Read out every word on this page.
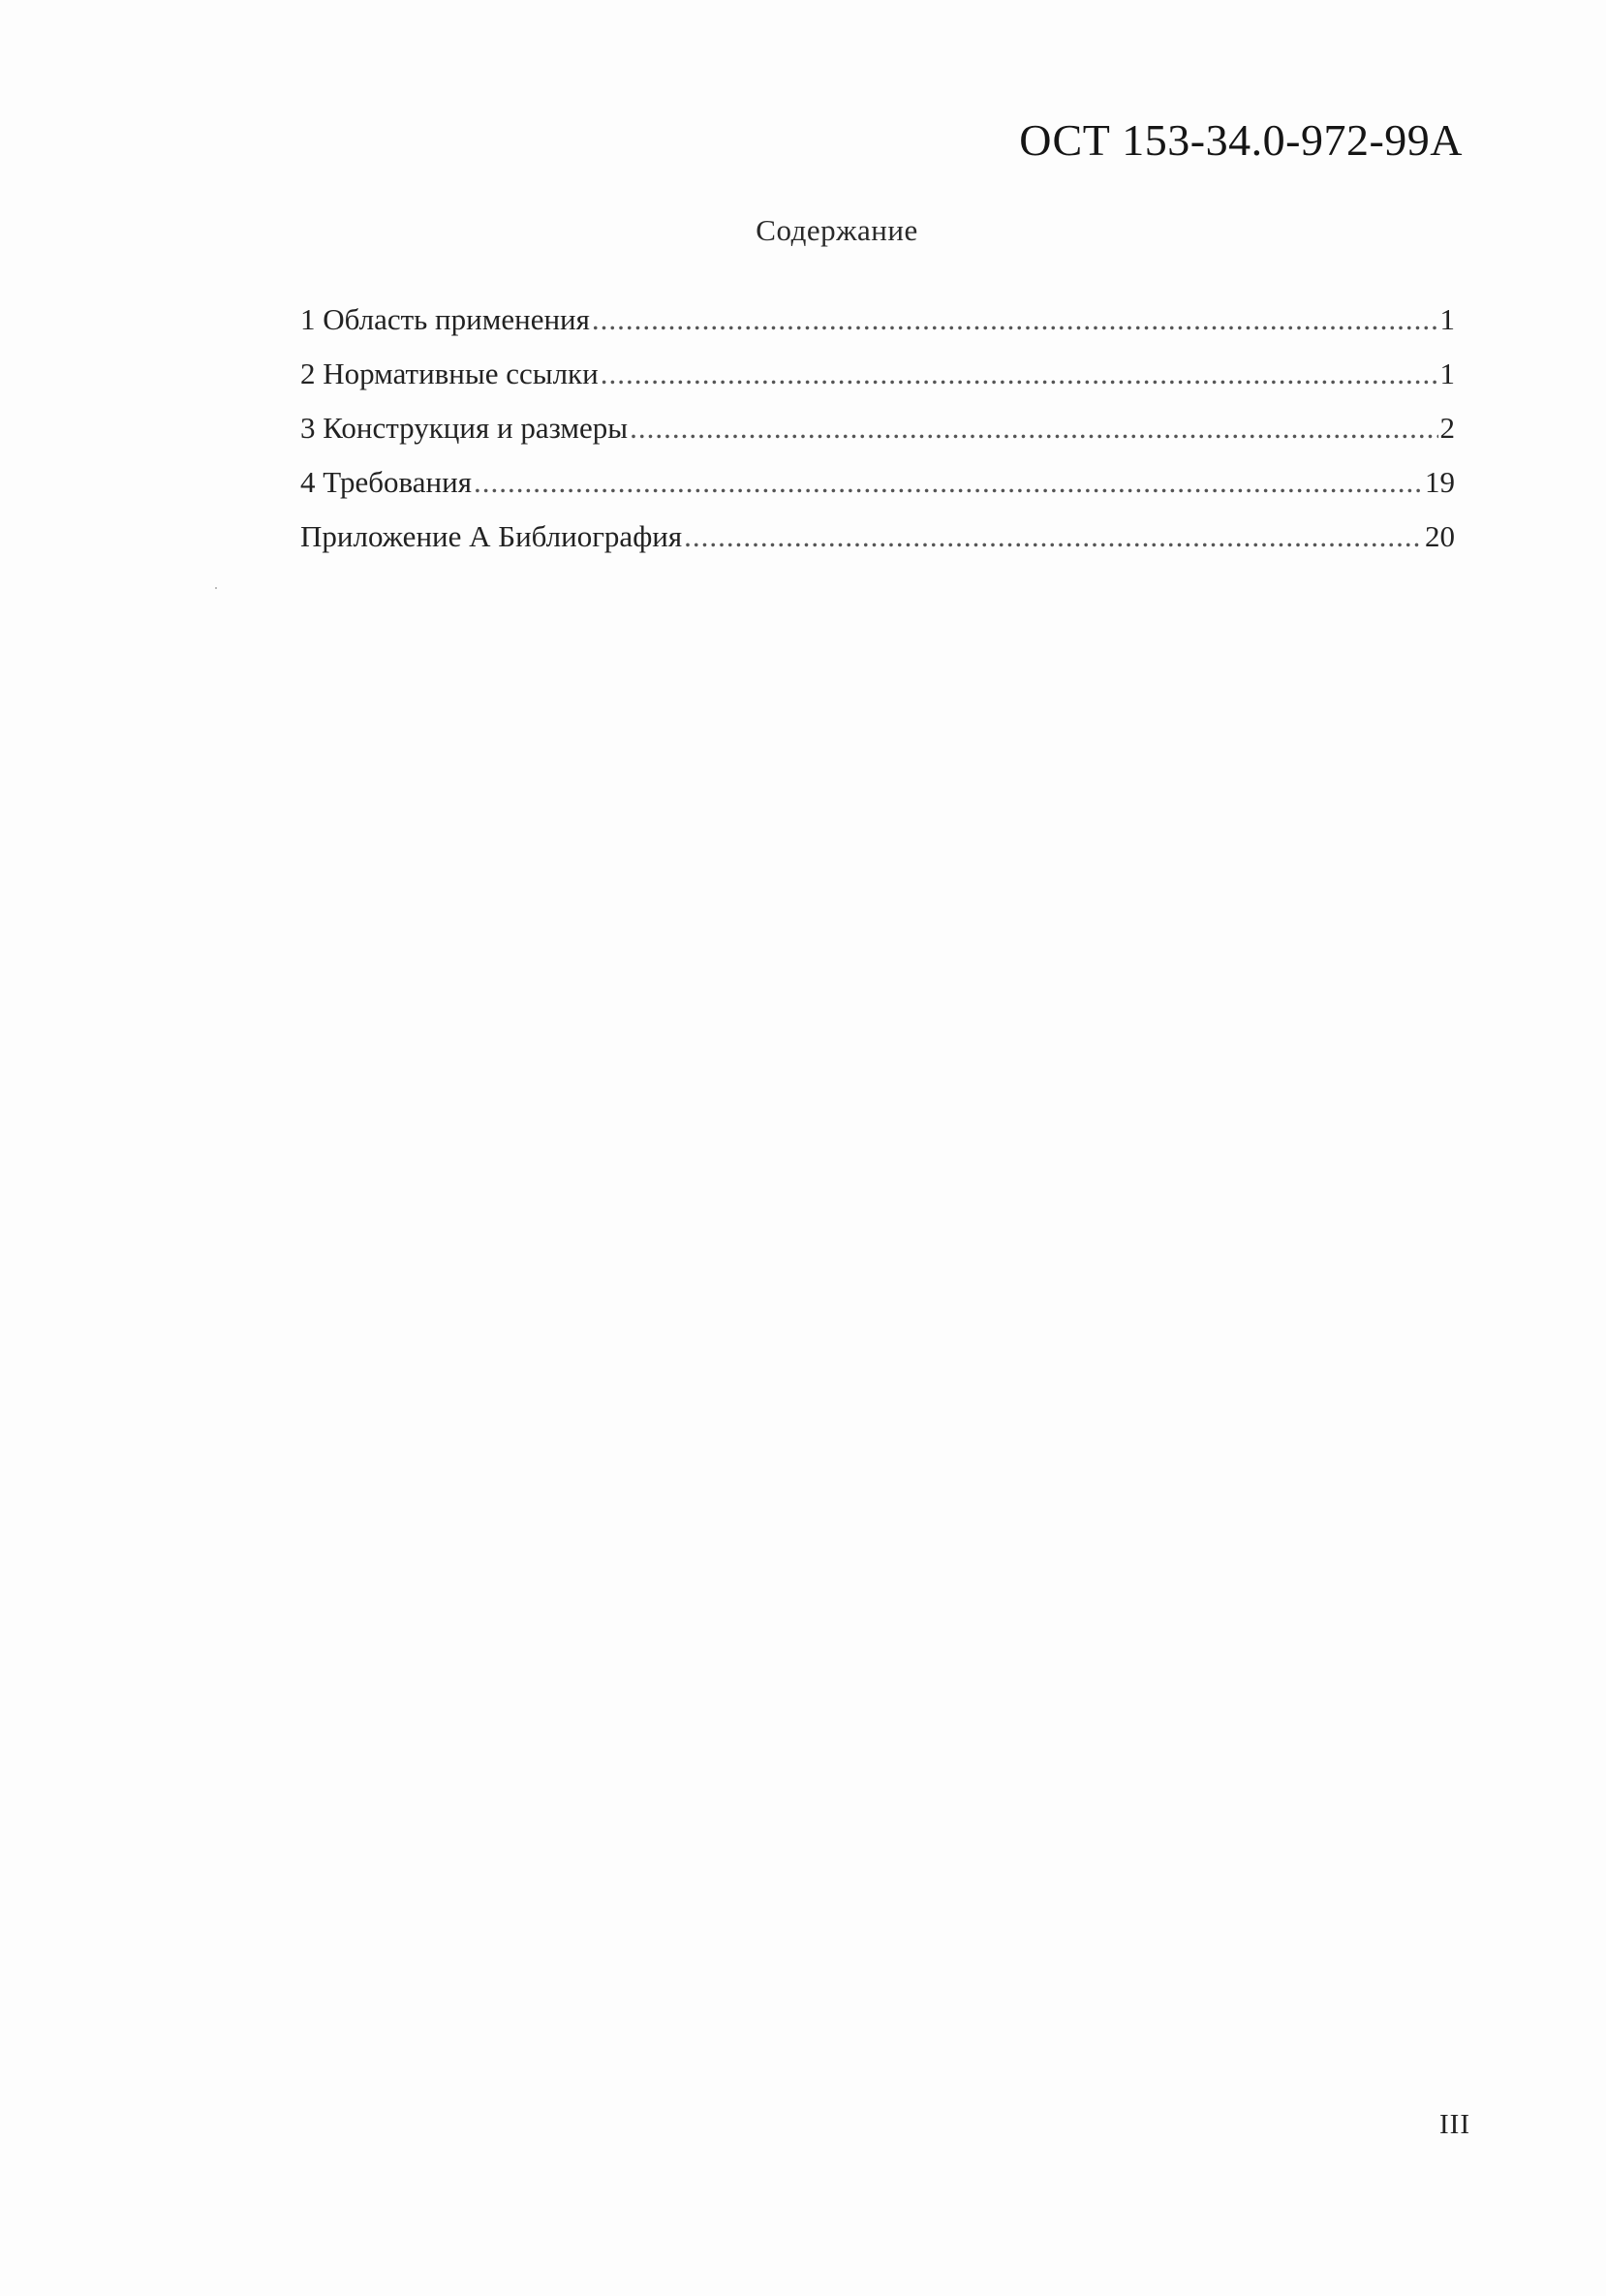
ОСТ 153-34.0-972-99А
Содержание
1 Область применения .....	1
2 Нормативные ссылки .....	1
3 Конструкция и размеры .....	2
4 Требования .....	19
Приложение А Библиография .....	20
III
